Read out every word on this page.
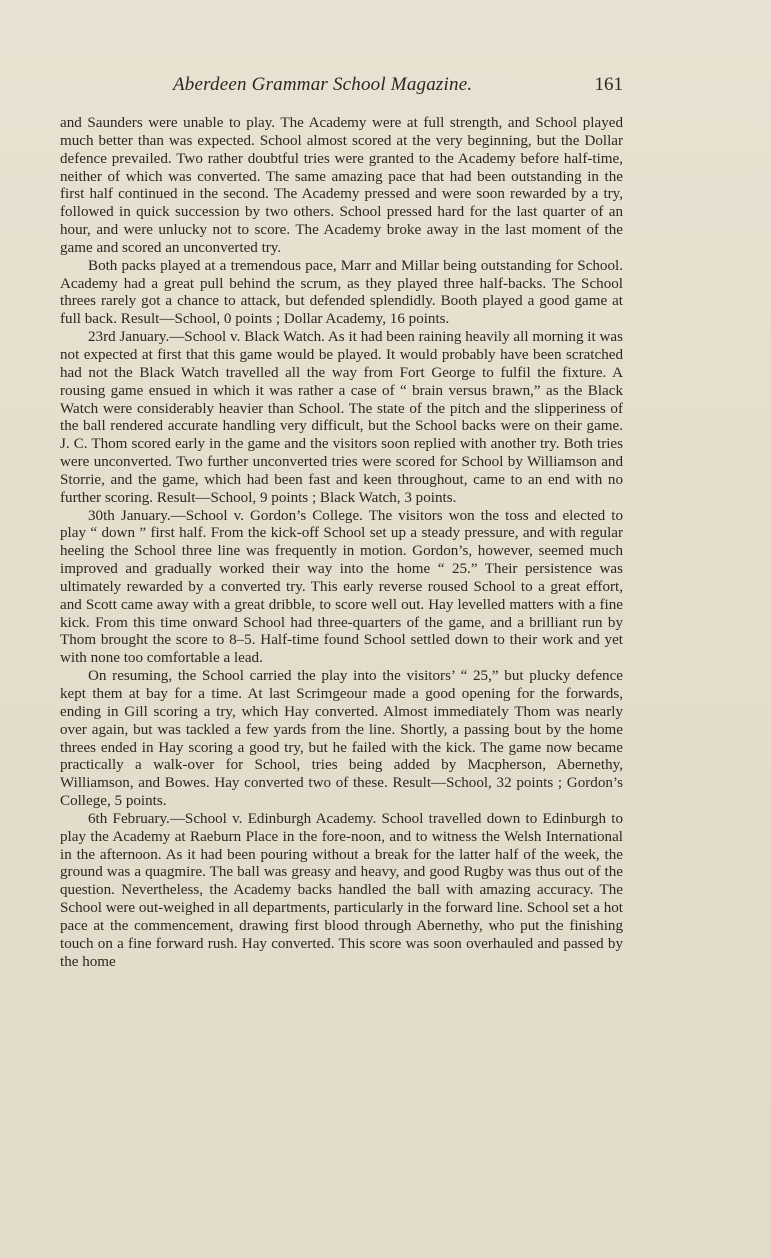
Aberdeen Grammar School Magazine.	161

and Saunders were unable to play. The Academy were at full strength, and School played much better than was expected. School almost scored at the very beginning, but the Dollar defence prevailed. Two rather doubtful tries were granted to the Academy before half-time, neither of which was converted. The same amazing pace that had been outstanding in the first half continued in the second. The Academy pressed and were soon rewarded by a try, followed in quick succession by two others. School pressed hard for the last quarter of an hour, and were unlucky not to score. The Academy broke away in the last moment of the game and scored an unconverted try.

Both packs played at a tremendous pace, Marr and Millar being outstanding for School. Academy had a great pull behind the scrum, as they played three half-backs. The School threes rarely got a chance to attack, but defended splendidly. Booth played a good game at full back. Result—School, 0 points ; Dollar Academy, 16 points.

23rd January.—School v. Black Watch. As it had been raining heavily all morning it was not expected at first that this game would be played. It would probably have been scratched had not the Black Watch travelled all the way from Fort George to fulfil the fixture. A rousing game ensued in which it was rather a case of “ brain versus brawn,” as the Black Watch were considerably heavier than School. The state of the pitch and the slipperiness of the ball rendered accurate handling very difficult, but the School backs were on their game. J. C. Thom scored early in the game and the visitors soon replied with another try. Both tries were unconverted. Two further unconverted tries were scored for School by Williamson and Storrie, and the game, which had been fast and keen throughout, came to an end with no further scoring. Result—School, 9 points ; Black Watch, 3 points.

30th January.—School v. Gordon’s College. The visitors won the toss and elected to play “ down ” first half. From the kick-off School set up a steady pressure, and with regular heeling the School three line was frequently in motion. Gordon’s, however, seemed much improved and gradually worked their way into the home “ 25.” Their persistence was ultimately rewarded by a converted try. This early reverse roused School to a great effort, and Scott came away with a great dribble, to score well out. Hay levelled matters with a fine kick. From this time onward School had three-quarters of the game, and a brilliant run by Thom brought the score to 8–5. Half-time found School settled down to their work and yet with none too comfortable a lead.

On resuming, the School carried the play into the visitors’ “ 25,” but plucky defence kept them at bay for a time. At last Scrimgeour made a good opening for the forwards, ending in Gill scoring a try, which Hay converted. Almost immediately Thom was nearly over again, but was tackled a few yards from the line. Shortly, a passing bout by the home threes ended in Hay scoring a good try, but he failed with the kick. The game now became practically a walk-over for School, tries being added by Macpherson, Abernethy, Williamson, and Bowes. Hay converted two of these. Result—School, 32 points ; Gordon’s College, 5 points.

6th February.—School v. Edinburgh Academy. School travelled down to Edinburgh to play the Academy at Raeburn Place in the fore-noon, and to witness the Welsh International in the afternoon. As it had been pouring without a break for the latter half of the week, the ground was a quagmire. The ball was greasy and heavy, and good Rugby was thus out of the question. Nevertheless, the Academy backs handled the ball with amazing accuracy. The School were out-weighed in all departments, particularly in the forward line. School set a hot pace at the commencement, drawing first blood through Abernethy, who put the finishing touch on a fine forward rush. Hay converted. This score was soon overhauled and passed by the home
